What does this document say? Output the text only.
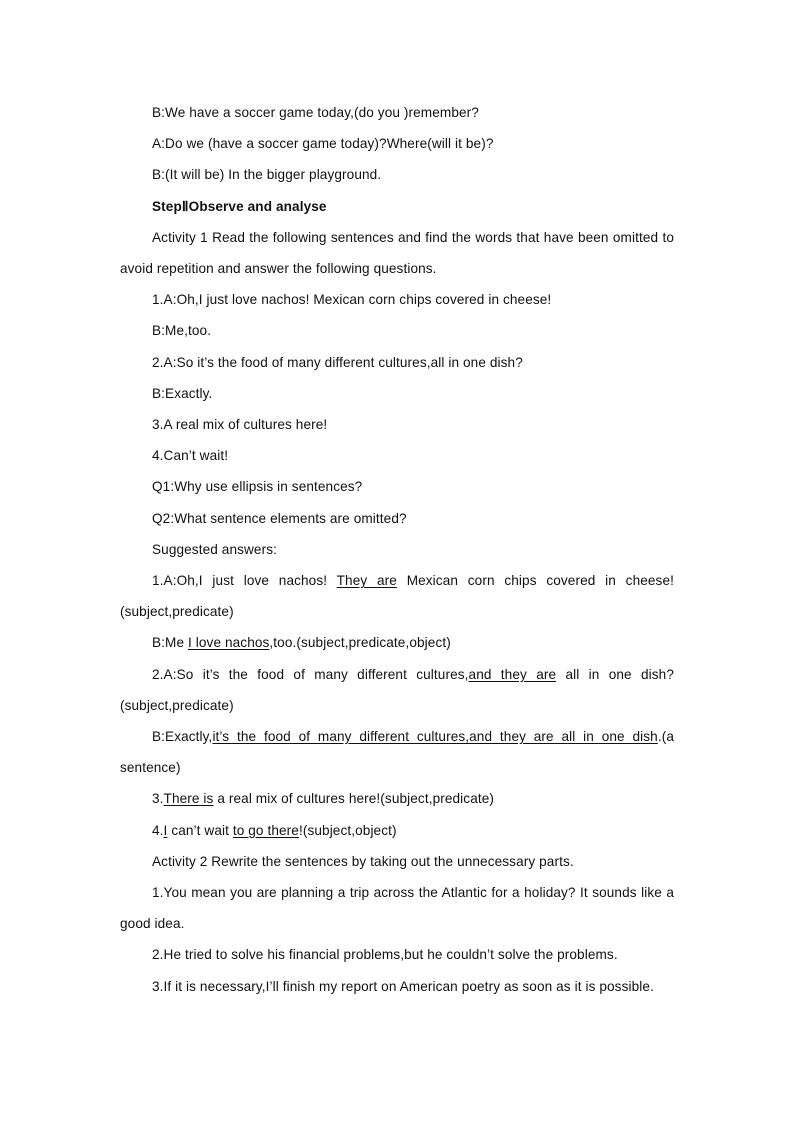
B:We have a soccer game today,(do you )remember?

A:Do we (have a soccer game today)?Where(will it be)?

B:(It will be) In the bigger playground.

StepⅡObserve and analyse

Activity 1 Read the following sentences and find the words that have been omitted to avoid repetition and answer the following questions.

1.A:Oh,I just love nachos! Mexican corn chips covered in cheese!

B:Me,too.

2.A:So it’s the food of many different cultures,all in one dish?

B:Exactly.

3.A real mix of cultures here!

4.Can’t wait!

Q1:Why use ellipsis in sentences?

Q2:What sentence elements are omitted?

Suggested answers:

1.A:Oh,I just love nachos! They are Mexican corn chips covered in cheese!(subject,predicate)

B:Me I love nachos,too.(subject,predicate,object)

2.A:So it’s the food of many different cultures,and they are all in one dish?(subject,predicate)

B:Exactly,it’s the food of many different cultures,and they are all in one dish.(a sentence)

3.There is a real mix of cultures here!(subject,predicate)

4.I can’t wait to go there!(subject,object)

Activity 2 Rewrite the sentences by taking out the unnecessary parts.

1.You mean you are planning a trip across the Atlantic for a holiday? It sounds like a good idea.

2.He tried to solve his financial problems,but he couldn’t solve the problems.

3.If it is necessary,I’ll finish my report on American poetry as soon as it is possible.
